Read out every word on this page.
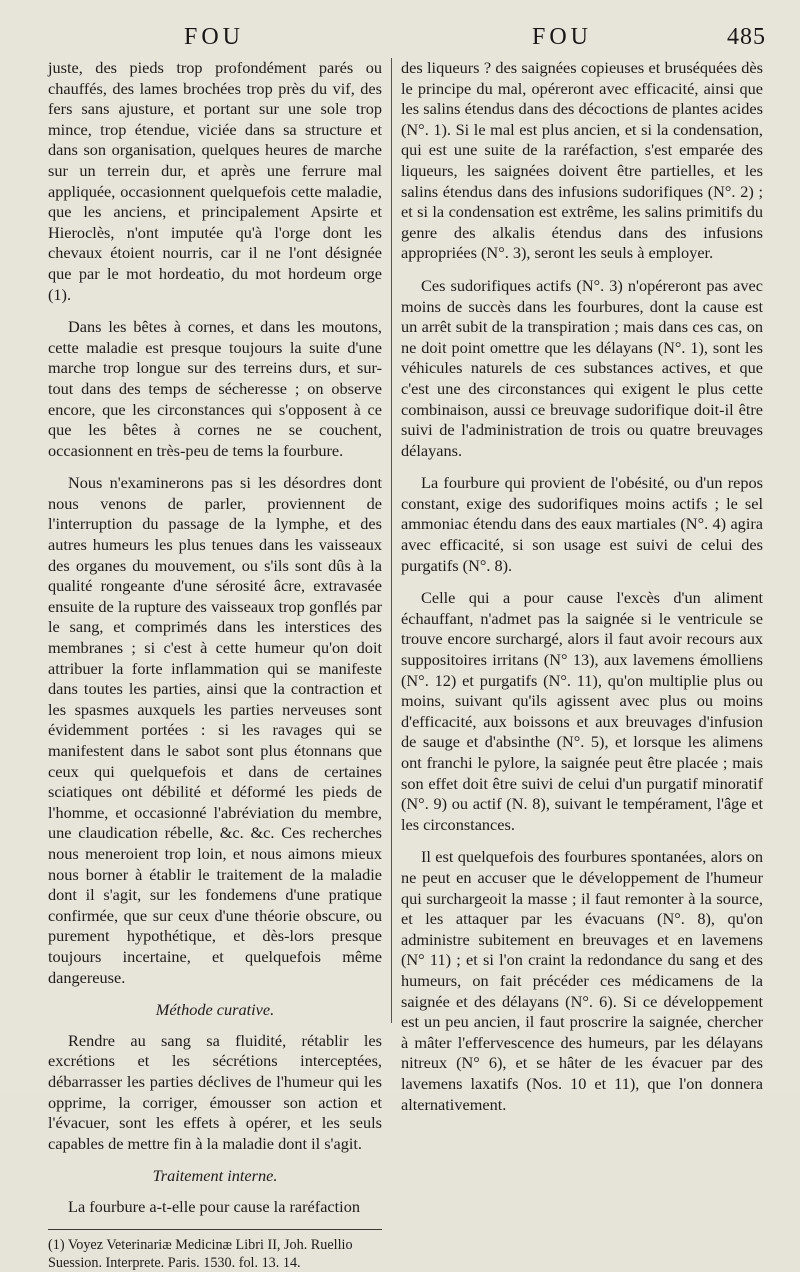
FOU	FOU	485

juste, des pieds trop profondément parés ou chauffés, des lames brochées trop près du vif, des fers sans ajusture, et portant sur une sole trop mince, trop étendue, viciée dans sa structure et dans son organisation, quelques heures de marche sur un terrein dur, et après une ferrure mal appliquée, occasionnent quelquefois cette maladie, que les anciens, et principalement Apsirte et Hieroclès, n'ont imputée qu'à l'orge dont les chevaux étoient nourris, car il ne l'ont désignée que par le mot hordeatio, du mot hordeum orge (1).

Dans les bêtes à cornes, et dans les moutons, cette maladie est presque toujours la suite d'une marche trop longue sur des terreins durs, et sur-tout dans des temps de sécheresse ; on observe encore, que les circonstances qui s'opposent à ce que les bêtes à cornes ne se couchent, occasionnent en très-peu de tems la fourbure.

Nous n'examinerons pas si les désordres dont nous venons de parler, proviennent de l'interruption du passage de la lymphe, et des autres humeurs les plus tenues dans les vaisseaux des organes du mouvement, ou s'ils sont dûs à la qualité rongeante d'une sérosité âcre, extravasée ensuite de la rupture des vaisseaux trop gonflés par le sang, et comprimés dans les interstices des membranes ; si c'est à cette humeur qu'on doit attribuer la forte inflammation qui se manifeste dans toutes les parties, ainsi que la contraction et les spasmes auxquels les parties nerveuses sont évidemment portées : si les ravages qui se manifestent dans le sabot sont plus étonnans que ceux qui quelquefois et dans de certaines sciatiques ont débilité et déformé les pieds de l'homme, et occasionné l'abréviation du membre, une claudication rébelle, &c. &c. Ces recherches nous meneroient trop loin, et nous aimons mieux nous borner à établir le traitement de la maladie dont il s'agit, sur les fondemens d'une pratique confirmée, que sur ceux d'une théorie obscure, ou purement hypothétique, et dès-lors presque toujours incertaine, et quelquefois même dangereuse.

Méthode curative.

Rendre au sang sa fluidité, rétablir les excrétions et les sécrétions interceptées, débarrasser les parties déclives de l'humeur qui les opprime, la corriger, émousser son action et l'évacuer, sont les effets à opérer, et les seuls capables de mettre fin à la maladie dont il s'agit.

Traitement interne.

La fourbure a-t-elle pour cause la raréfaction

(1) Voyez Veterinariæ Medicinæ Libri II, Joh. Ruellio Suession. Interprete. Paris. 1530. fol. 13. 14.

des liqueurs ? des saignées copieuses et bruséquées dès le principe du mal, opéreront avec efficacité, ainsi que les salins étendus dans des décoctions de plantes acides (N°. 1). Si le mal est plus ancien, et si la condensation, qui est une suite de la raréfaction, s'est emparée des liqueurs, les saignées doivent être partielles, et les salins étendus dans des infusions sudorifiques (N°. 2) ; et si la condensation est extrême, les salins primitifs du genre des alkalis étendus dans des infusions appropriées (N°. 3), seront les seuls à employer.

Ces sudorifiques actifs (N°. 3) n'opéreront pas avec moins de succès dans les fourbures, dont la cause est un arrêt subit de la transpiration ; mais dans ces cas, on ne doit point omettre que les délayans (N°. 1), sont les véhicules naturels de ces substances actives, et que c'est une des circonstances qui exigent le plus cette combinaison, aussi ce breuvage sudorifique doit-il être suivi de l'administration de trois ou quatre breuvages délayans.

La fourbure qui provient de l'obésité, ou d'un repos constant, exige des sudorifiques moins actifs ; le sel ammoniac étendu dans des eaux martiales (N°. 4) agira avec efficacité, si son usage est suivi de celui des purgatifs (N°. 8).

Celle qui a pour cause l'excès d'un aliment échauffant, n'admet pas la saignée si le ventricule se trouve encore surchargé, alors il faut avoir recours aux suppositoires irritans (N° 13), aux lavemens émolliens (N°. 12) et purgatifs (N°. 11), qu'on multiplie plus ou moins, suivant qu'ils agissent avec plus ou moins d'efficacité, aux boissons et aux breuvages d'infusion de sauge et d'absinthe (N°. 5), et lorsque les alimens ont franchi le pylore, la saignée peut être placée ; mais son effet doit être suivi de celui d'un purgatif minoratif (N°. 9) ou actif (N. 8), suivant le tempérament, l'âge et les circonstances.

Il est quelquefois des fourbures spontanées, alors on ne peut en accuser que le développement de l'humeur qui surchargeoit la masse ; il faut remonter à la source, et les attaquer par les évacuans (N°. 8), qu'on administre subitement en breuvages et en lavemens (N° 11) ; et si l'on craint la redondance du sang et des humeurs, on fait précéder ces médicamens de la saignée et des délayans (N°. 6). Si ce développement est un peu ancien, il faut proscrire la saignée, chercher à mâter l'effervescence des humeurs, par les délayans nitreux (N° 6), et se hâter de les évacuer par des lavemens laxatifs (Nos. 10 et 11), que l'on donnera alternativement.
